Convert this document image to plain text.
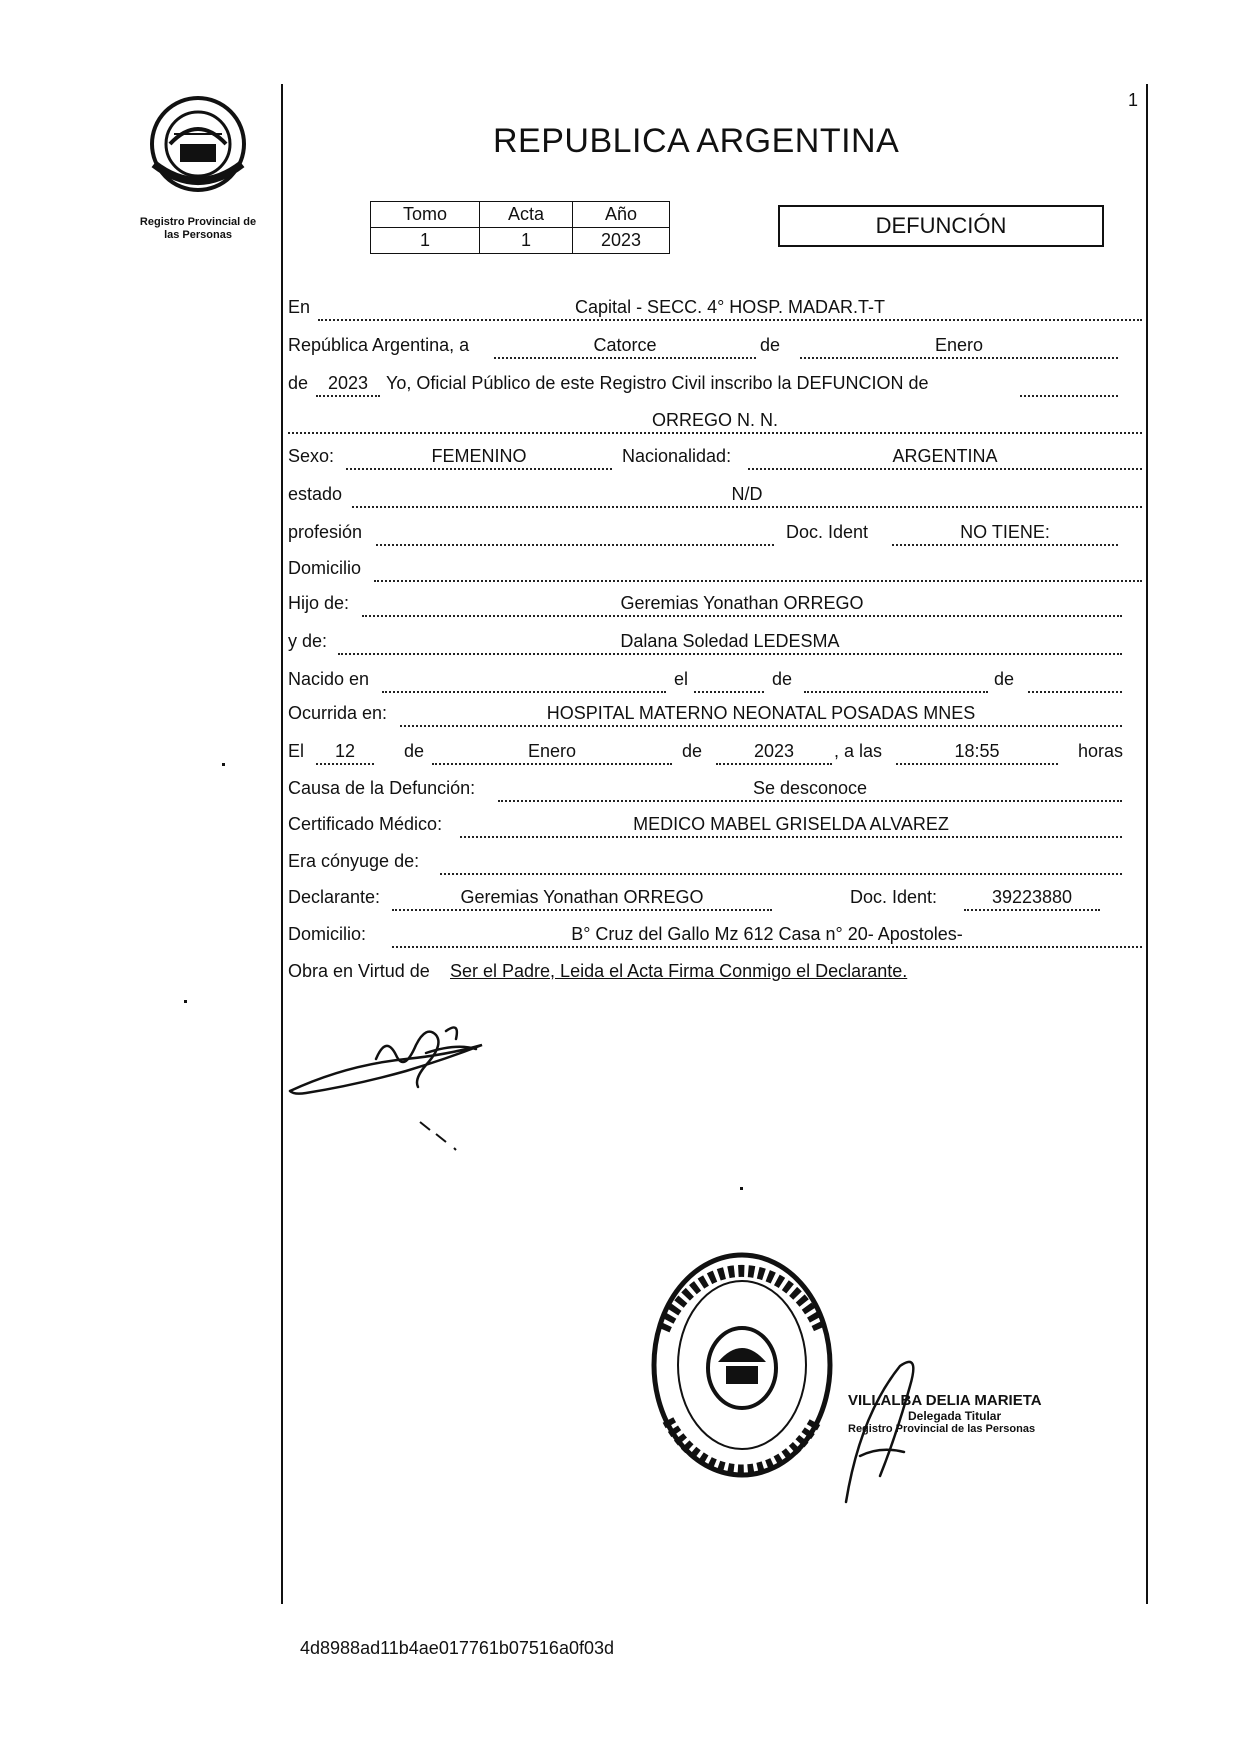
1
Registro Provincial de
las Personas
REPUBLICA ARGENTINA
Tomo	Acta	Año
1	1	2023
DEFUNCIÓN
En	Capital - SECC. 4° HOSP. MADAR.T-T
República Argentina, a	Catorce	de	Enero
de	2023 Yo, Oficial Público de este Registro Civil inscribo la DEFUNCION de
ORREGO N. N.
Sexo:	FEMENINO	Nacionalidad:	ARGENTINA
estado	N/D
profesión	Doc. Ident	NO TIENE:
Domicilio
Hijo de:	Geremias Yonathan ORREGO
y de:	Dalana Soledad LEDESMA
Nacido en	el	de	de
Ocurrida en:	HOSPITAL MATERNO NEONATAL POSADAS MNES
El	12	de	Enero	de	2023	, a las	18:55	horas
Causa de la Defunción:	Se desconoce
Certificado Médico:	MEDICO MABEL GRISELDA ALVAREZ
Era cónyuge de:
Declarante:	Geremias Yonathan ORREGO	Doc. Ident:	39223880
Domicilio:	B° Cruz del Gallo Mz 612 Casa n° 20- Apostoles-
Obra en Virtud de Ser el Padre, Leida el Acta Firma Conmigo el Declarante.
VILLALBA DELIA MARIETA
Delegada Titular
Registro Provincial de las Personas
4d8988ad11b4ae017761b07516a0f03d
